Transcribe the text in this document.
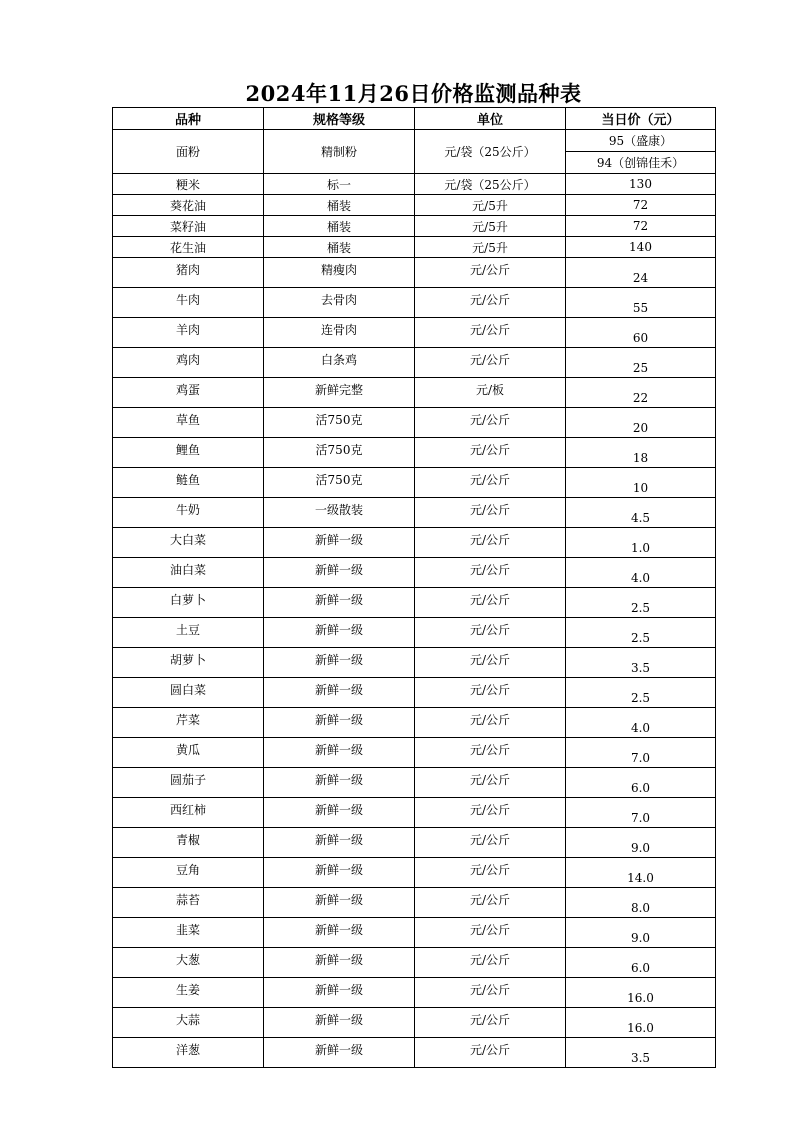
2024年11月26日价格监测品种表
品种	规格等级	单位	当日价（元）
面粉	精制粉	元/袋（25公斤）	95（盛康）
			94（创锦佳禾）
粳米	标一	元/袋（25公斤）	130
葵花油	桶装	元/5升	72
菜籽油	桶装	元/5升	72
花生油	桶装	元/5升	140
猪肉	精瘦肉	元/公斤	24
牛肉	去骨肉	元/公斤	55
羊肉	连骨肉	元/公斤	60
鸡肉	白条鸡	元/公斤	25
鸡蛋	新鲜完整	元/板	22
草鱼	活750克	元/公斤	20
鲤鱼	活750克	元/公斤	18
鲢鱼	活750克	元/公斤	10
牛奶	一级散装	元/公斤	4.5
大白菜	新鲜一级	元/公斤	1.0
油白菜	新鲜一级	元/公斤	4.0
白萝卜	新鲜一级	元/公斤	2.5
土豆	新鲜一级	元/公斤	2.5
胡萝卜	新鲜一级	元/公斤	3.5
圆白菜	新鲜一级	元/公斤	2.5
芹菜	新鲜一级	元/公斤	4.0
黄瓜	新鲜一级	元/公斤	7.0
圆茄子	新鲜一级	元/公斤	6.0
西红柿	新鲜一级	元/公斤	7.0
青椒	新鲜一级	元/公斤	9.0
豆角	新鲜一级	元/公斤	14.0
蒜苔	新鲜一级	元/公斤	8.0
韭菜	新鲜一级	元/公斤	9.0
大葱	新鲜一级	元/公斤	6.0
生姜	新鲜一级	元/公斤	16.0
大蒜	新鲜一级	元/公斤	16.0
洋葱	新鲜一级	元/公斤	3.5
